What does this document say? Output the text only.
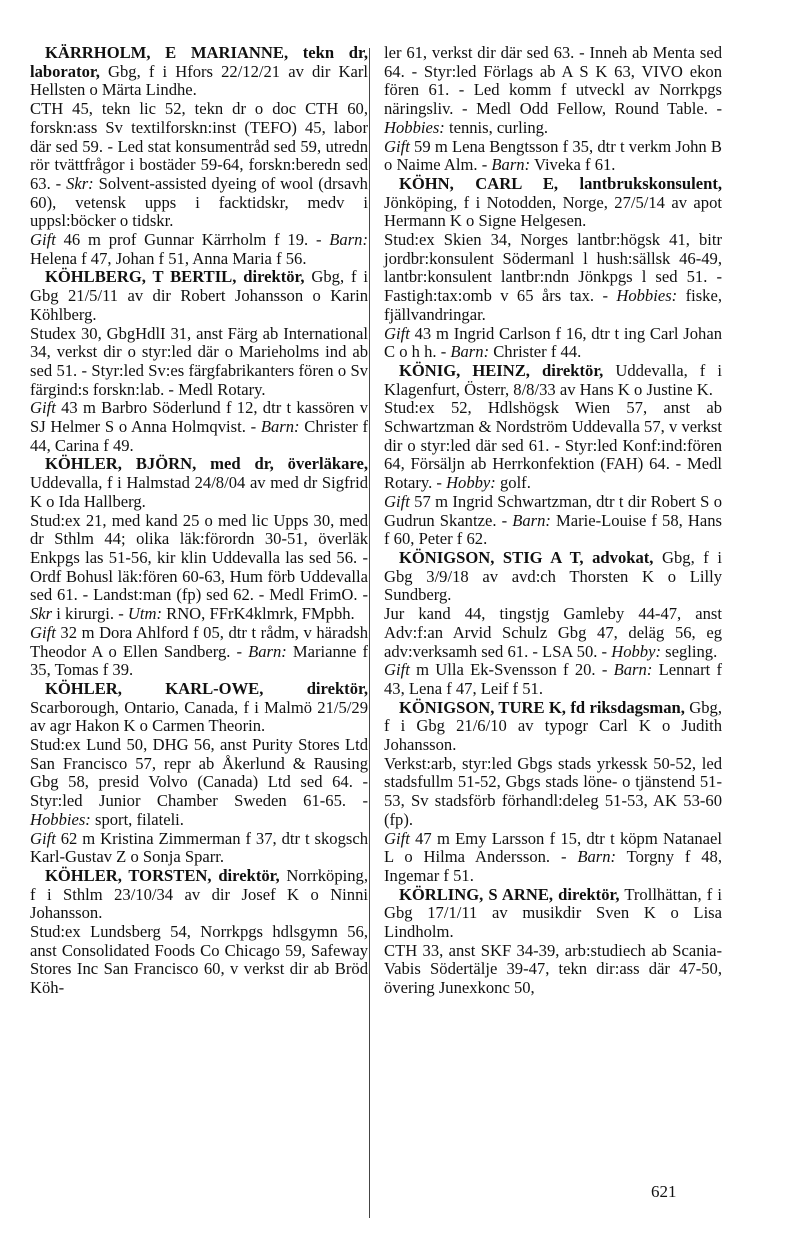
KÄRRHOLM, E MARIANNE, tekn dr, laborator, Gbg, f i Hfors 22/12/21 av dir Karl Hellsten o Märta Lindhe.

CTH 45, tekn lic 52, tekn dr o doc CTH 60, forskn:ass Sv textilforskn:inst (TEFO) 45, labor där sed 59. - Led stat konsumentråd sed 59, utredn rör tvättfrågor i bostäder 59-64, forskn:beredn sed 63. - Skr: Solvent-assisted dyeing of wool (drsavh 60), vetensk upps i facktidskr, medv i uppsl:böcker o tidskr.

Gift 46 m prof Gunnar Kärrholm f 19. - Barn: Helena f 47, Johan f 51, Anna Maria f 56.

KÖHLBERG, T BERTIL, direktör, Gbg, f i Gbg 21/5/11 av dir Robert Johansson o Karin Köhlberg.

Studex 30, GbgHdlI 31, anst Färg ab International 34, verkst dir o styr:led där o Marieholms ind ab sed 51. - Styr:led Sv:es färgfabrikanters fören o Sv färgind:s forskn:lab. - Medl Rotary.

Gift 43 m Barbro Söderlund f 12, dtr t kassören v SJ Helmer S o Anna Holmqvist. - Barn: Christer f 44, Carina f 49.

KÖHLER, BJÖRN, med dr, överläkare, Uddevalla, f i Halmstad 24/8/04 av med dr Sigfrid K o Ida Hallberg.

Stud:ex 21, med kand 25 o med lic Upps 30, med dr Sthlm 44; olika läk:förordn 30-51, överläk Enkpgs las 51-56, kir klin Uddevalla las sed 56. - Ordf Bohusl läk:fören 60-63, Hum förb Uddevalla sed 61. - Landst:man (fp) sed 62. - Medl FrimO. - Skr i kirurgi. - Utm: RNO, FFrK4klmrk, FMpbh.

Gift 32 m Dora Ahlford f 05, dtr t rådm, v häradsh Theodor A o Ellen Sandberg. - Barn: Marianne f 35, Tomas f 39.

KÖHLER, KARL-OWE, direktör, Scarborough, Ontario, Canada, f i Malmö 21/5/29 av agr Hakon K o Carmen Theorin.

Stud:ex Lund 50, DHG 56, anst Purity Stores Ltd San Francisco 57, repr ab Åkerlund & Rausing Gbg 58, presid Volvo (Canada) Ltd sed 64. - Styr:led Junior Chamber Sweden 61-65. - Hobbies: sport, filateli.

Gift 62 m Kristina Zimmerman f 37, dtr t skogsch Karl-Gustav Z o Sonja Sparr.

KÖHLER, TORSTEN, direktör, Norrköping, f i Sthlm 23/10/34 av dir Josef K o Ninni Johansson.

Stud:ex Lundsberg 54, Norrkpgs hdlsgymn 56, anst Consolidated Foods Co Chicago 59, Safeway Stores Inc San Francisco 60, v verkst dir ab Bröd Köh-

ler 61, verkst dir där sed 63. - Inneh ab Menta sed 64. - Styr:led Förlags ab A S K 63, VIVO ekon fören 61. - Led komm f utveckl av Norrkpgs näringsliv. - Medl Odd Fellow, Round Table. - Hobbies: tennis, curling.

Gift 59 m Lena Bengtsson f 35, dtr t verkm John B o Naime Alm. - Barn: Viveka f 61.

KÖHN, CARL E, lantbrukskonsulent, Jönköping, f i Notodden, Norge, 27/5/14 av apot Hermann K o Signe Helgesen.

Stud:ex Skien 34, Norges lantbr:högsk 41, bitr jordbr:konsulent Södermanl l hush:sällsk 46-49, lantbr:konsulent lantbr:ndn Jönkpgs l sed 51. - Fastigh:tax:omb v 65 års tax. - Hobbies: fiske, fjällvandringar.

Gift 43 m Ingrid Carlson f 16, dtr t ing Carl Johan C o h h. - Barn: Christer f 44.

KÖNIG, HEINZ, direktör, Uddevalla, f i Klagenfurt, Österr, 8/8/33 av Hans K o Justine K.

Stud:ex 52, Hdlshögsk Wien 57, anst ab Schwartzman & Nordström Uddevalla 57, v verkst dir o styr:led där sed 61. - Styr:led Konf:ind:fören 64, Försäljn ab Herrkonfektion (FAH) 64. - Medl Rotary. - Hobby: golf.

Gift 57 m Ingrid Schwartzman, dtr t dir Robert S o Gudrun Skantze. - Barn: Marie-Louise f 58, Hans f 60, Peter f 62.

KÖNIGSON, STIG A T, advokat, Gbg, f i Gbg 3/9/18 av avd:ch Thorsten K o Lilly Sundberg.

Jur kand 44, tingstjg Gamleby 44-47, anst Adv:f:an Arvid Schulz Gbg 47, deläg 56, eg adv:verksamh sed 61. - LSA 50. - Hobby: segling.

Gift m Ulla Ek-Svensson f 20. - Barn: Lennart f 43, Lena f 47, Leif f 51.

KÖNIGSON, TURE K, fd riksdagsman, Gbg, f i Gbg 21/6/10 av typogr Carl K o Judith Johansson.

Verkst:arb, styr:led Gbgs stads yrkessk 50-52, led stadsfullm 51-52, Gbgs stads löne- o tjänstend 51-53, Sv stadsförb förhandl:deleg 51-53, AK 53-60 (fp).

Gift 47 m Emy Larsson f 15, dtr t köpm Natanael L o Hilma Andersson. - Barn: Torgny f 48, Ingemar f 51.

KÖRLING, S ARNE, direktör, Trollhättan, f i Gbg 17/1/11 av musikdir Sven K o Lisa Lindholm.

CTH 33, anst SKF 34-39, arb:studiech ab Scania-Vabis Södertälje 39-47, tekn dir:ass där 47-50, övering Junexkonc 50,

621
